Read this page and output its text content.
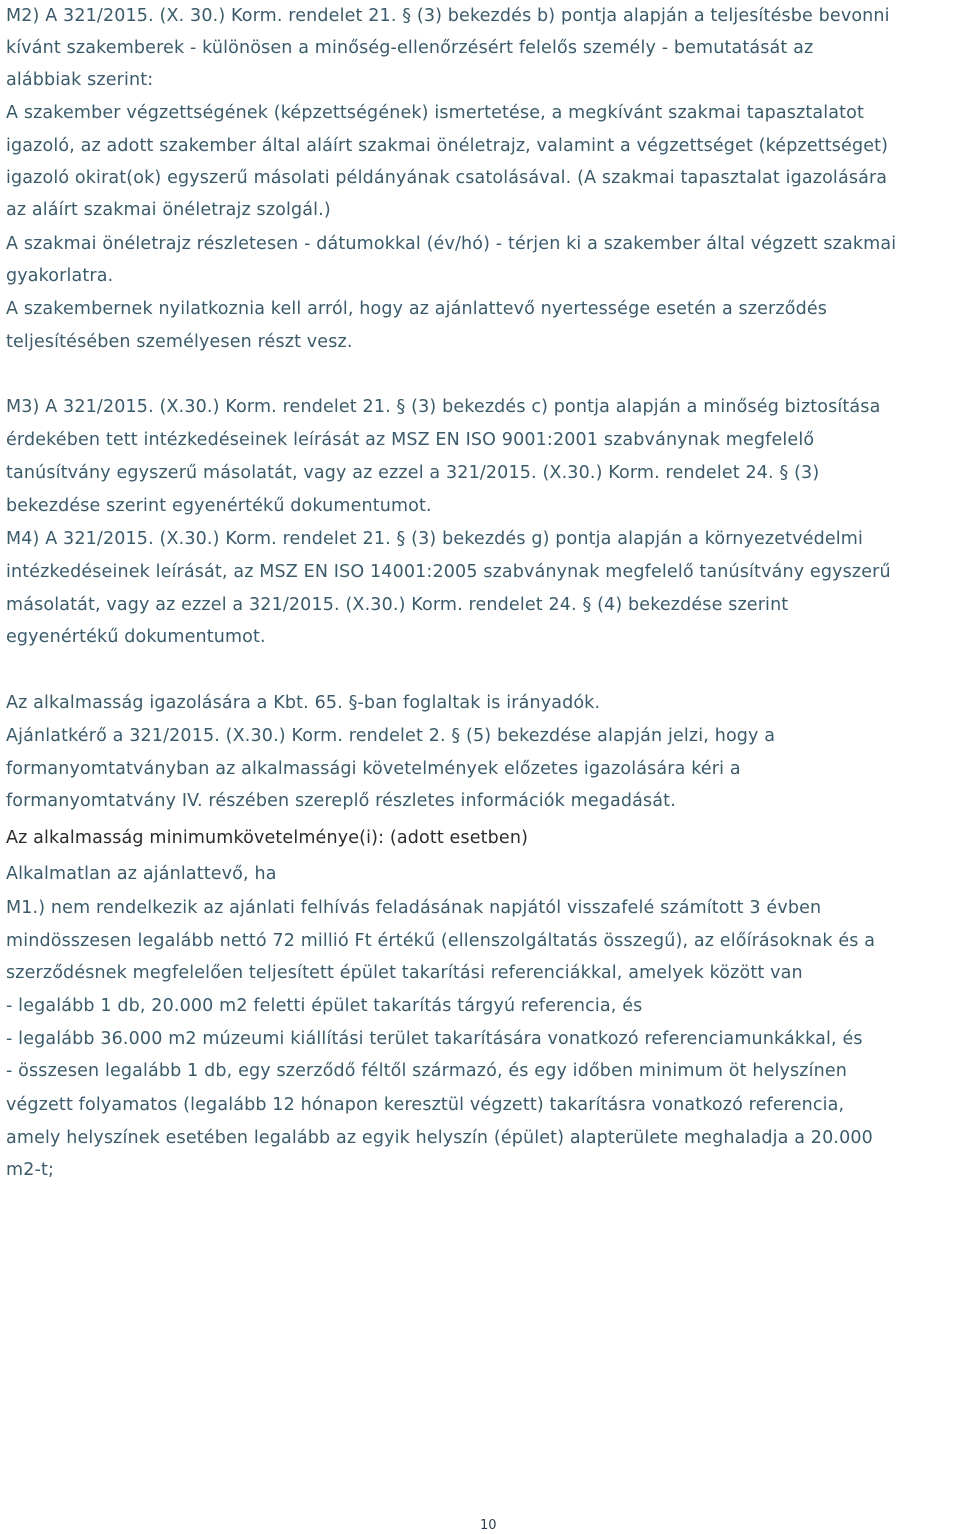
M2) A 321/2015. (X. 30.) Korm. rendelet 21. § (3) bekezdés b) pontja alapján a teljesítésbe bevonni
kívánt szakemberek - különösen a minőség-ellenőrzésért felelős személy - bemutatását az
alábbiak szerint:
A szakember végzettségének (képzettségének) ismertetése, a megkívánt szakmai tapasztalatot
igazoló, az adott szakember által aláírt szakmai önéletrajz, valamint a végzettséget (képzettséget)
igazoló okirat(ok) egyszerű másolati példányának csatolásával. (A szakmai tapasztalat igazolására
az aláírt szakmai önéletrajz szolgál.)
A szakmai önéletrajz részletesen - dátumokkal (év/hó) - térjen ki a szakember által végzett szakmai
gyakorlatra.
A szakembernek nyilatkoznia kell arról, hogy az ajánlattevő nyertessége esetén a szerződés
teljesítésében személyesen részt vesz.
M3) A 321/2015. (X.30.) Korm. rendelet 21. § (3) bekezdés c) pontja alapján a minőség biztosítása
érdekében tett intézkedéseinek leírását az MSZ EN ISO 9001:2001 szabványnak megfelelő
tanúsítvány egyszerű másolatát, vagy az ezzel a 321/2015. (X.30.) Korm. rendelet 24. § (3)
bekezdése szerint egyenértékű dokumentumot.
M4) A 321/2015. (X.30.) Korm. rendelet 21. § (3) bekezdés g) pontja alapján a környezetvédelmi
intézkedéseinek leírását, az MSZ EN ISO 14001:2005 szabványnak megfelelő tanúsítvány egyszerű
másolatát, vagy az ezzel a 321/2015. (X.30.) Korm. rendelet 24. § (4) bekezdése szerint
egyenértékű dokumentumot.
Az alkalmasság igazolására a Kbt. 65. §-ban foglaltak is irányadók.
Ajánlatkérő a 321/2015. (X.30.) Korm. rendelet 2. § (5) bekezdése alapján jelzi, hogy a
formanyomtatványban az alkalmassági követelmények előzetes igazolására kéri a
formanyomtatvány IV. részében szereplő részletes információk megadását.
Az alkalmasság minimumkövetelménye(i): (adott esetben)
Alkalmatlan az ajánlattevő, ha
M1.) nem rendelkezik az ajánlati felhívás feladásának napjától visszafelé számított 3 évben
mindösszesen legalább nettó 72 millió Ft értékű (ellenszolgáltatás összegű), az előírásoknak és a
szerződésnek megfelelően teljesített épület takarítási referenciákkal, amelyek között van
- legalább 1 db, 20.000 m2 feletti épület takarítás tárgyú referencia, és
- legalább 36.000 m2 múzeumi kiállítási terület takarítására vonatkozó referenciamunkákkal, és
- összesen legalább 1 db, egy szerződő féltől származó, és egy időben minimum öt helyszínen
végzett folyamatos (legalább 12 hónapon keresztül végzett) takarításra vonatkozó referencia,
amely helyszínek esetében legalább az egyik helyszín (épület) alapterülete meghaladja a 20.000
m2-t;
10
